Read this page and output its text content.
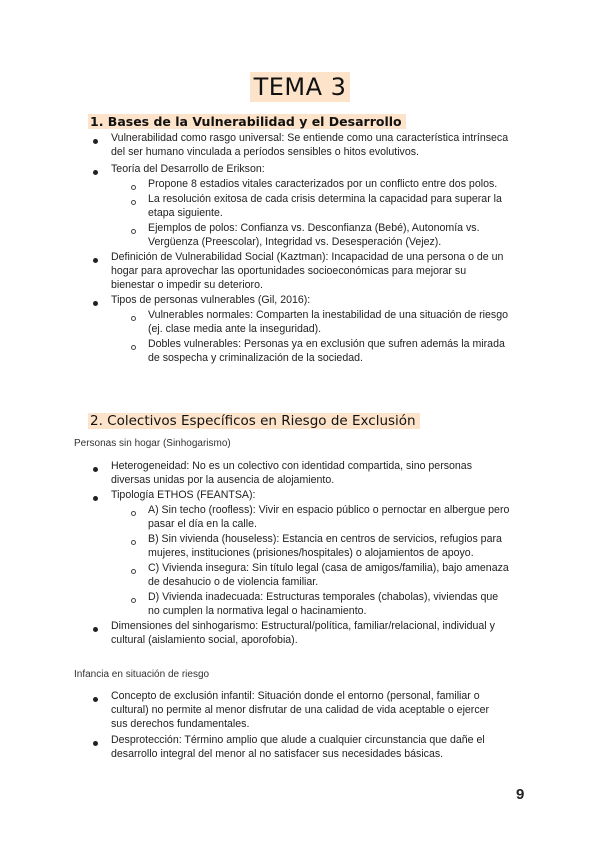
TEMA 3
1. Bases de la Vulnerabilidad y el Desarrollo
Vulnerabilidad como rasgo universal: Se entiende como una característica intrínseca
del ser humano vinculada a períodos sensibles o hitos evolutivos.
Teoría del Desarrollo de Erikson:
Propone 8 estadios vitales caracterizados por un conflicto entre dos polos.
La resolución exitosa de cada crisis determina la capacidad para superar la
etapa siguiente.
Ejemplos de polos: Confianza vs. Desconfianza (Bebé), Autonomía vs.
Vergüenza (Preescolar), Integridad vs. Desesperación (Vejez).
Definición de Vulnerabilidad Social (Kaztman): Incapacidad de una persona o de un
hogar para aprovechar las oportunidades socioeconómicas para mejorar su
bienestar o impedir su deterioro.
Tipos de personas vulnerables (Gil, 2016):
Vulnerables normales: Comparten la inestabilidad de una situación de riesgo
(ej. clase media ante la inseguridad).
Dobles vulnerables: Personas ya en exclusión que sufren además la mirada
de sospecha y criminalización de la sociedad.
2. Colectivos Específicos en Riesgo de Exclusión
Personas sin hogar (Sinhogarismo)
Heterogeneidad: No es un colectivo con identidad compartida, sino personas
diversas unidas por la ausencia de alojamiento.
Tipología ETHOS (FEANTSA):
A) Sin techo (roofless): Vivir en espacio público o pernoctar en albergue pero
pasar el día en la calle.
B) Sin vivienda (houseless): Estancia en centros de servicios, refugios para
mujeres, instituciones (prisiones/hospitales) o alojamientos de apoyo.
C) Vivienda insegura: Sin título legal (casa de amigos/familia), bajo amenaza
de desahucio o de violencia familiar.
D) Vivienda inadecuada: Estructuras temporales (chabolas), viviendas que
no cumplen la normativa legal o hacinamiento.
Dimensiones del sinhogarismo: Estructural/política, familiar/relacional, individual y
cultural (aislamiento social, aporofobia).
Infancia en situación de riesgo
Concepto de exclusión infantil: Situación donde el entorno (personal, familiar o
cultural) no permite al menor disfrutar de una calidad de vida aceptable o ejercer
sus derechos fundamentales.
Desprotección: Término amplio que alude a cualquier circunstancia que dañe el
desarrollo integral del menor al no satisfacer sus necesidades básicas.
9
